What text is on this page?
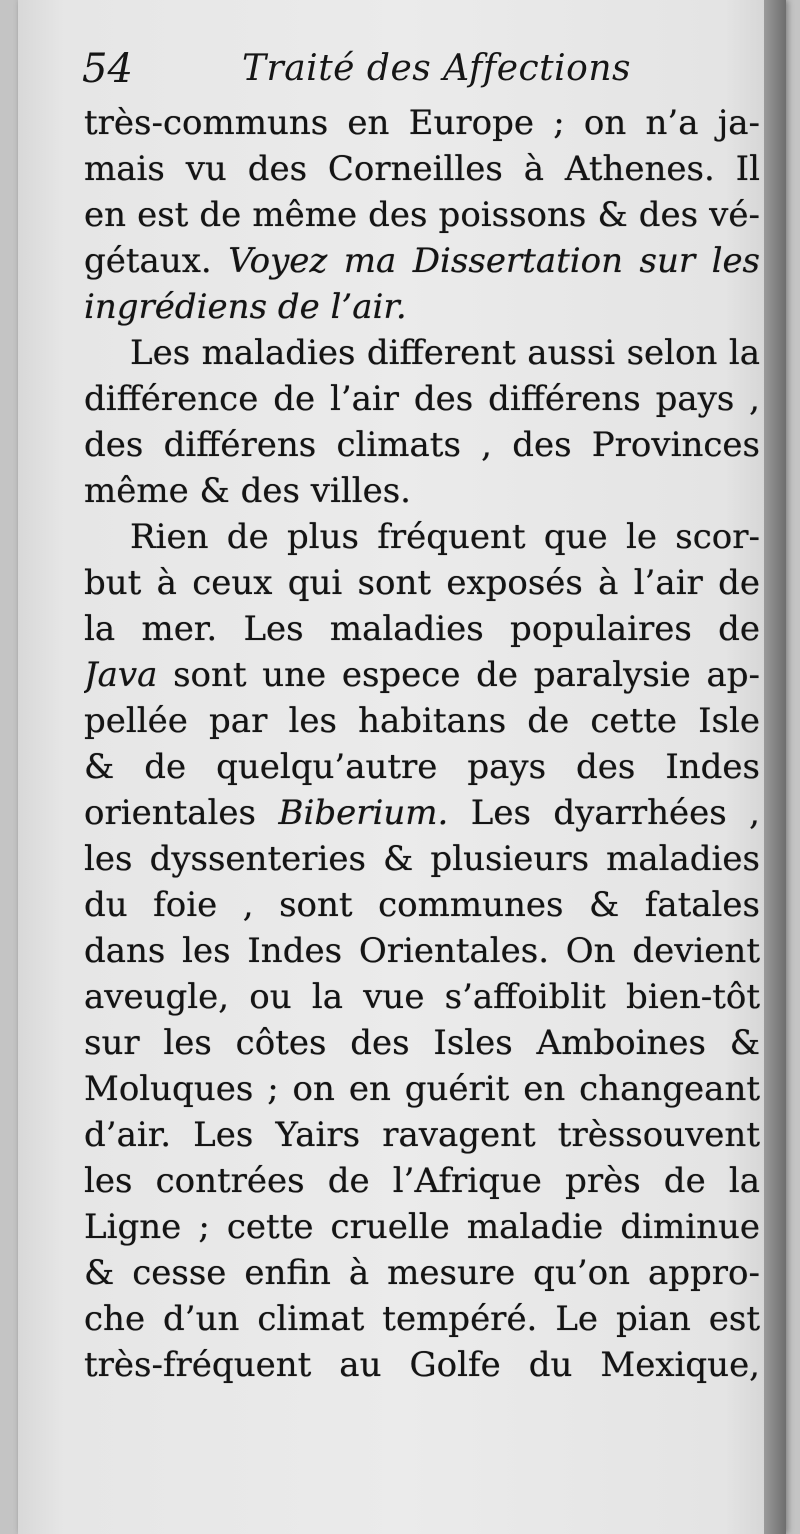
54	Traité des Affections
très-communs en Europe ; on n’a ja-
mais vu des Corneilles à Athenes. Il
en est de même des poissons & des vé-
gétaux. Voyez ma Dissertation sur les
ingrédiens de l’air.
Les maladies different aussi selon la
différence de l’air des différens pays ,
des différens climats , des Provinces
même & des villes.
Rien de plus fréquent que le scor-
but à ceux qui sont exposés à l’air de
la mer. Les maladies populaires de
Java sont une espece de paralysie ap-
pellée par les habitans de cette Isle
& de quelqu’autre pays des Indes
orientales Biberium. Les dyarrhées ,
les dyssenteries & plusieurs maladies
du foie , sont communes & fatales
dans les Indes Orientales. On devient
aveugle, ou la vue s’affoiblit bien-tôt
sur les côtes des Isles Amboines &
Moluques ; on en guérit en changeant
d’air. Les Yairs ravagent trèssouvent
les contrées de l’Afrique près de la
Ligne ; cette cruelle maladie diminue
& cesse enfin à mesure qu’on appro-
che d’un climat tempéré. Le pian est
très-fréquent au Golfe du Mexique,
